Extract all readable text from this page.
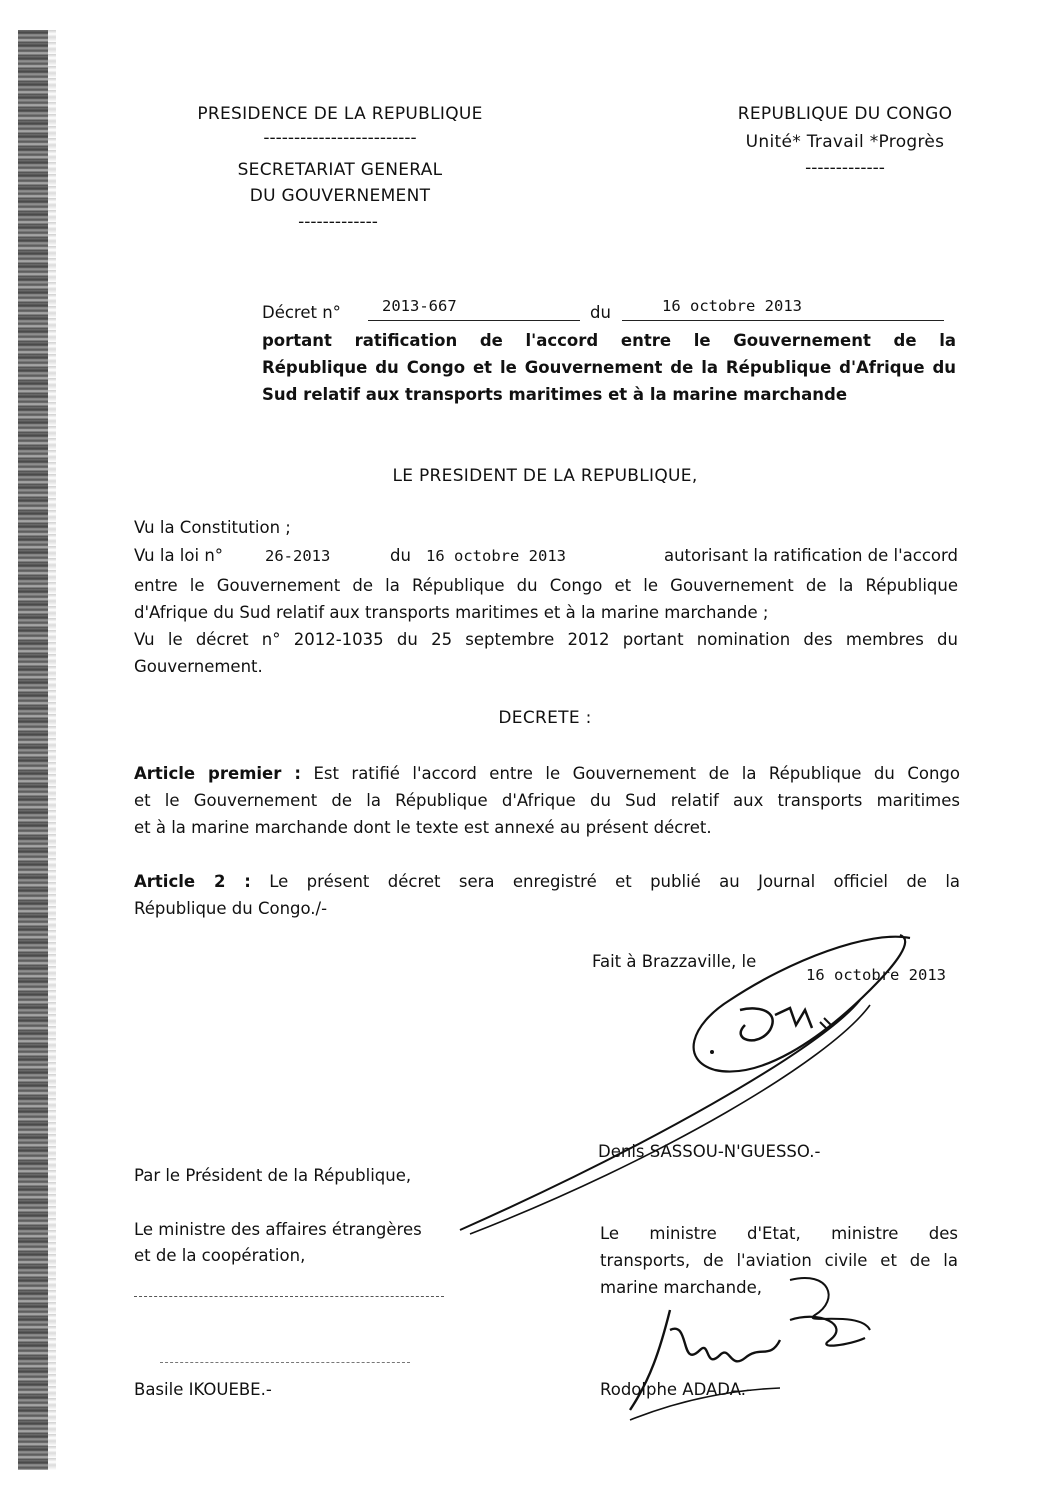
PRESIDENCE DE LA REPUBLIQUE
-------------------------
SECRETARIAT GENERAL
DU GOUVERNEMENT
-------------
REPUBLIQUE DU CONGO
Unité* Travail *Progrès
-------------
Décret n°	2013-667	du	16 octobre 2013
portant ratification de l'accord entre le Gouvernement de la
République du Congo et le Gouvernement de la République d'Afrique du
Sud relatif aux transports maritimes et à la marine marchande
LE PRESIDENT DE LA REPUBLIQUE,
Vu la Constitution ;
Vu la loi n°	26-2013	du 16 octobre 2013	autorisant la ratification de l'accord
entre le Gouvernement de la République du Congo et le Gouvernement de la République
d'Afrique du Sud relatif aux transports maritimes et à la marine marchande ;
Vu le décret n° 2012-1035 du 25 septembre 2012 portant nomination des membres du
Gouvernement.
DECRETE :
Article premier : Est ratifié l'accord entre le Gouvernement de la République du Congo
et le Gouvernement de la République d'Afrique du Sud relatif aux transports maritimes
et à la marine marchande dont le texte est annexé au présent décret.
Article 2 : Le présent décret sera enregistré et publié au Journal officiel de la
République du Congo./-
Fait à Brazzaville, le
16 octobre 2013
Denis SASSOU-N'GUESSO.-
Par le Président de la République,
Le ministre des affaires étrangères
et de la coopération,
Basile IKOUEBE.-
Le ministre d'Etat, ministre des
transports, de l'aviation civile et de la
marine marchande,
Rodolphe ADADA.-
